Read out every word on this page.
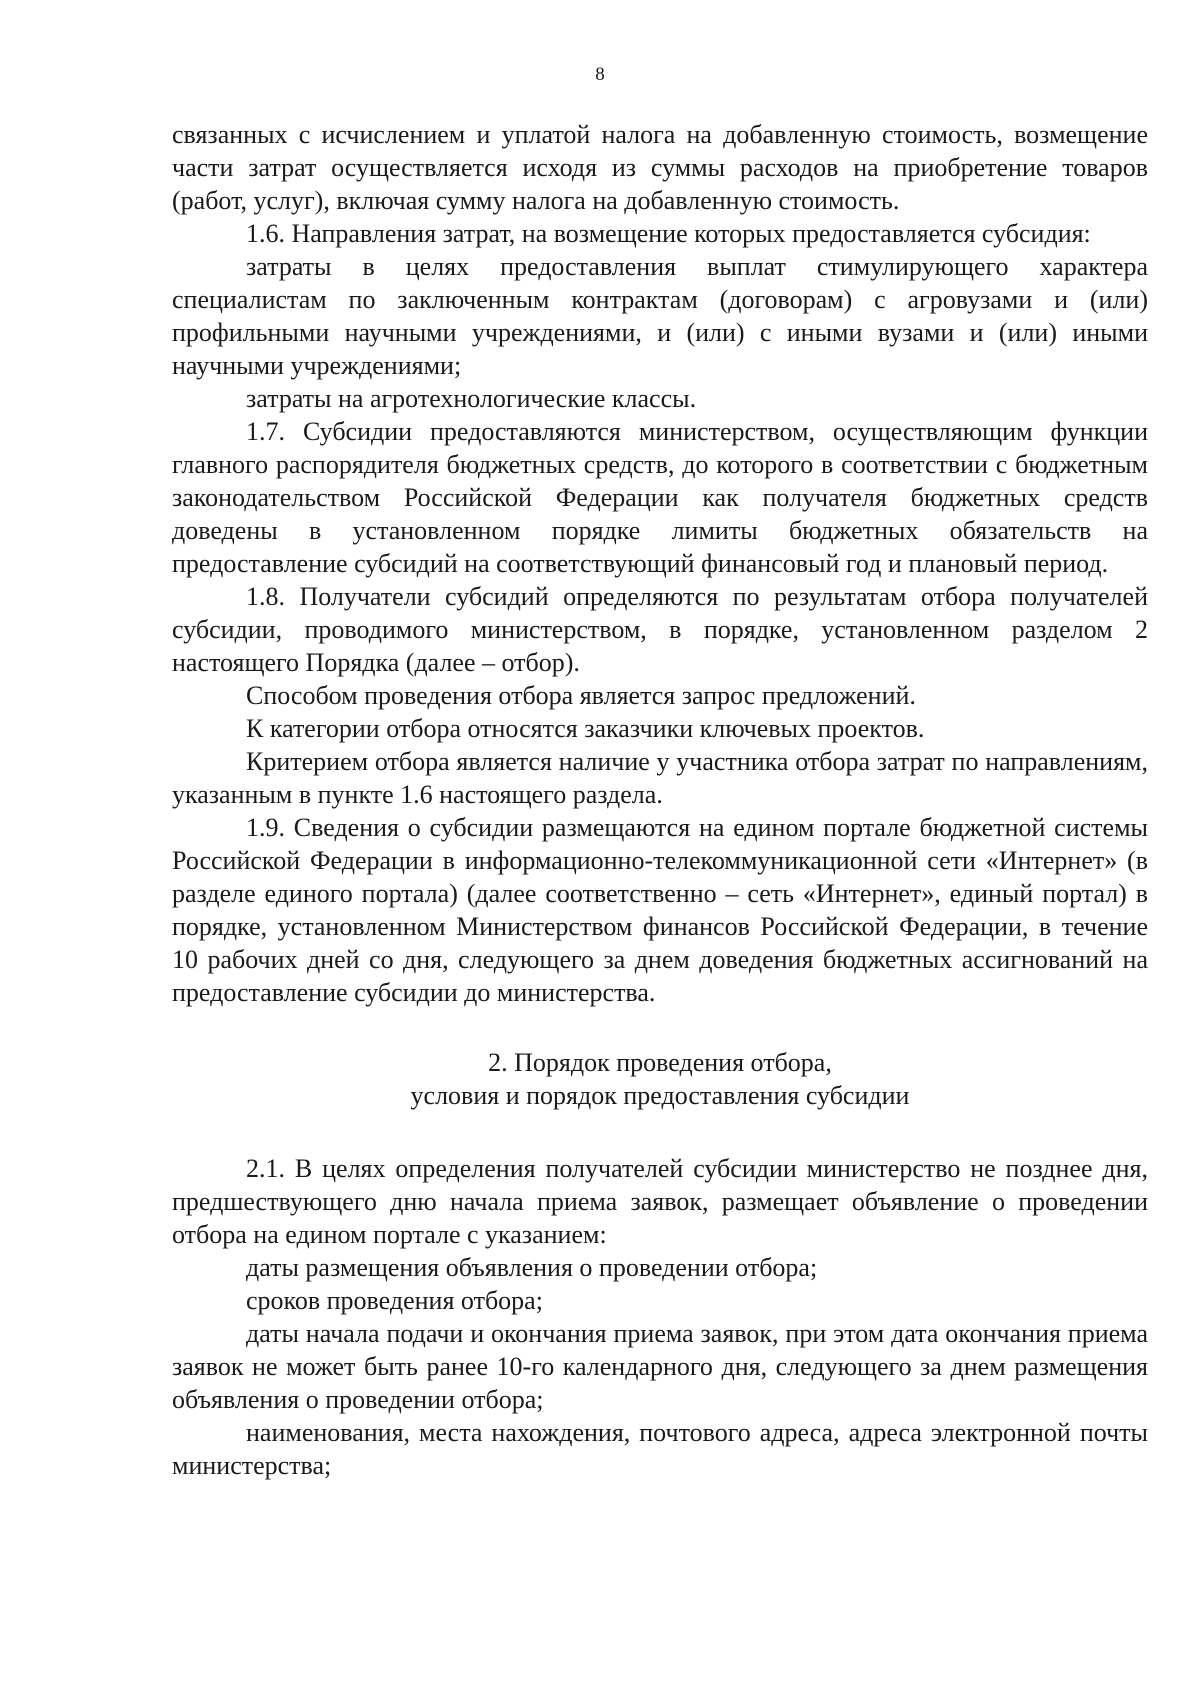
8

связанных с исчислением и уплатой налога на добавленную стоимость, возмещение части затрат осуществляется исходя из суммы расходов на приобретение товаров (работ, услуг), включая сумму налога на добавленную стоимость.

1.6. Направления затрат, на возмещение которых предоставляется субсидия:

затраты в целях предоставления выплат стимулирующего характера специалистам по заключенным контрактам (договорам) с агровузами и (или) профильными научными учреждениями, и (или) с иными вузами и (или) иными научными учреждениями;

затраты на агротехнологические классы.

1.7. Субсидии предоставляются министерством, осуществляющим функции главного распорядителя бюджетных средств, до которого в соответствии с бюджетным законодательством Российской Федерации как получателя бюджетных средств доведены в установленном порядке лимиты бюджетных обязательств на предоставление субсидий на соответствующий финансовый год и плановый период.

1.8. Получатели субсидий определяются по результатам отбора получателей субсидии, проводимого министерством, в порядке, установленном разделом 2 настоящего Порядка (далее – отбор).

Способом проведения отбора является запрос предложений.

К категории отбора относятся заказчики ключевых проектов.

Критерием отбора является наличие у участника отбора затрат по направлениям, указанным в пункте 1.6 настоящего раздела.

1.9. Сведения о субсидии размещаются на едином портале бюджетной системы Российской Федерации в информационно-телекоммуникационной сети «Интернет» (в разделе единого портала) (далее соответственно – сеть «Интернет», единый портал) в порядке, установленном Министерством финансов Российской Федерации, в течение 10 рабочих дней со дня, следующего за днем доведения бюджетных ассигнований на предоставление субсидии до министерства.

2. Порядок проведения отбора,
условия и порядок предоставления субсидии

2.1. В целях определения получателей субсидии министерство не позднее дня, предшествующего дню начала приема заявок, размещает объявление о проведении отбора на едином портале с указанием:

даты размещения объявления о проведении отбора;

сроков проведения отбора;

даты начала подачи и окончания приема заявок, при этом дата окончания приема заявок не может быть ранее 10-го календарного дня, следующего за днем размещения объявления о проведении отбора;

наименования, места нахождения, почтового адреса, адреса электронной почты министерства;
